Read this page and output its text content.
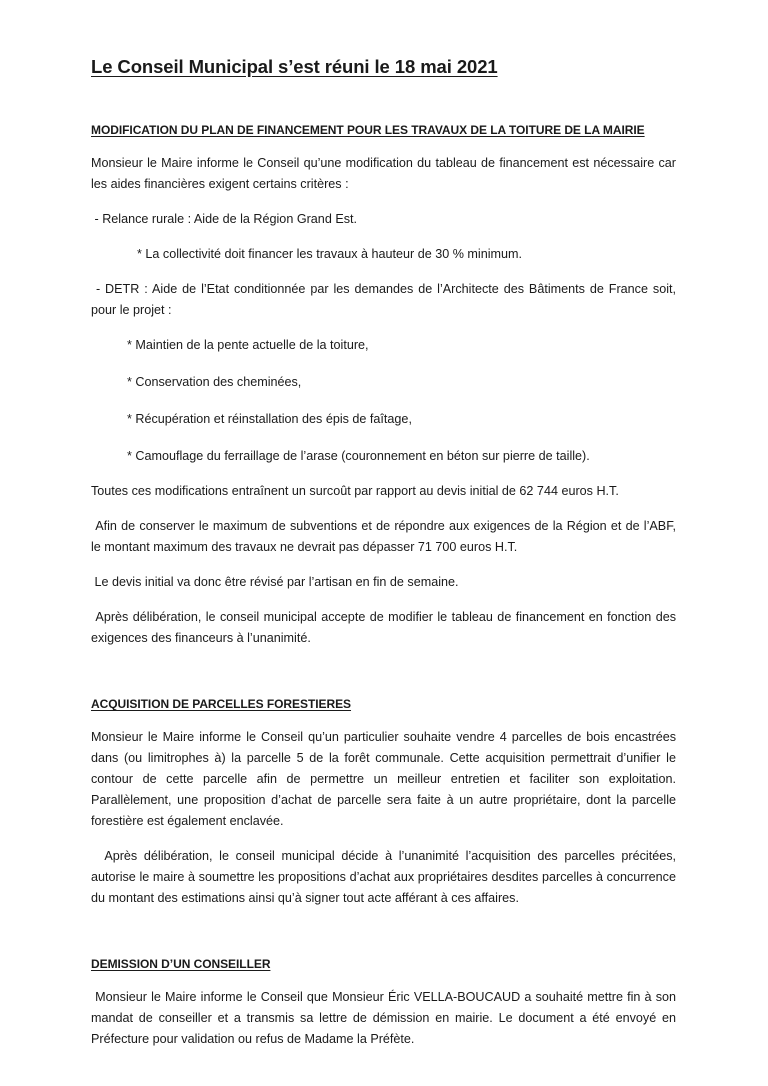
Le Conseil Municipal s’est réuni le 18 mai 2021
MODIFICATION DU PLAN DE FINANCEMENT POUR LES TRAVAUX DE LA TOITURE DE LA MAIRIE

Monsieur le Maire informe le Conseil qu’une modification du tableau de financement est nécessaire car les aides financières exigent certains critères :

- Relance rurale : Aide de la Région Grand Est.

* La collectivité doit financer les travaux à hauteur de 30 % minimum.

- DETR : Aide de l’Etat conditionnée par les demandes de l’Architecte des Bâtiments de France soit, pour le projet :

* Maintien de la pente actuelle de la toiture,

* Conservation des cheminées,

* Récupération et réinstallation des épis de faîtage,

* Camouflage du ferraillage de l’arase (couronnement en béton sur pierre de taille).

Toutes ces modifications entraînent un surcoût par rapport au devis initial de 62 744 euros H.T.

Afin de conserver le maximum de subventions et de répondre aux exigences de la Région et de l’ABF, le montant maximum des travaux ne devrait pas dépasser 71 700 euros H.T.

Le devis initial va donc être révisé par l’artisan en fin de semaine.

Après délibération, le conseil municipal accepte de modifier le tableau de financement en fonction des exigences des financeurs à l’unanimité.

ACQUISITION DE PARCELLES FORESTIERES

Monsieur le Maire informe le Conseil qu’un particulier souhaite vendre 4 parcelles de bois encastrées dans (ou limitrophes à) la parcelle 5 de la forêt communale. Cette acquisition permettrait d’unifier le contour de cette parcelle afin de permettre un meilleur entretien et faciliter son exploitation. Parallèlement, une proposition d’achat de parcelle sera faite à un autre propriétaire, dont la parcelle forestière est également enclavée.

Après délibération, le conseil municipal décide à l’unanimité l’acquisition des parcelles précitées, autorise le maire à soumettre les propositions d’achat aux propriétaires desdites parcelles à concurrence du montant des estimations ainsi qu’à signer tout acte afférant à ces affaires.

DEMISSION D’UN CONSEILLER

Monsieur le Maire informe le Conseil que Monsieur Éric VELLA-BOUCAUD a souhaité mettre fin à son mandat de conseiller et a transmis sa lettre de démission en mairie. Le document a été envoyé en Préfecture pour validation ou refus de Madame la Préfète.
